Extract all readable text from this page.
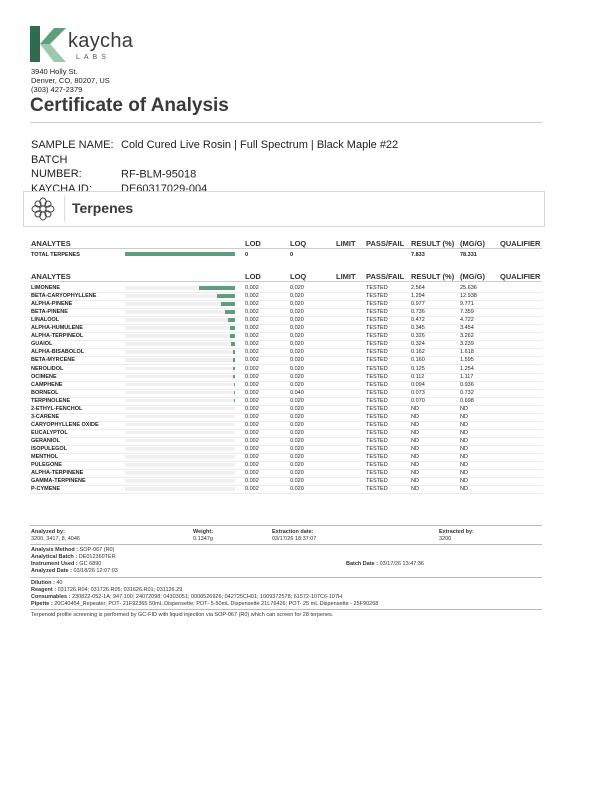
kaycha
LABS
3940 Holly St.
Denver, CO, 80207, US
(303) 427-2379
Certificate of Analysis
SAMPLE NAME: Cold Cured Live Rosin | Full Spectrum | Black Maple #22
BATCH NUMBER:	RF-BLM-95018
KAYCHA ID:	DE60317029-004
Terpenes
ANALYTES	LOD	LOQ	LIMIT PASS/FAIL RESULT (%) (MG/G) QUALIFIER
TOTAL TERPENES	0	0	7.833	78.331
ANALYTES	LOD	LOQ	LIMIT PASS/FAIL RESULT (%) (MG/G) QUALIFIER
LIMONENE	0.002	0.020	TESTED	2.564	25.636
BETA-CARYOPHYLLENE	0.002	0.020	TESTED	1.294	12.938
ALPHA-PINENE	0.002	0.020	TESTED	0.977	9.771
BETA-PINENE	0.002	0.020	TESTED	0.736	7.359
LINALOOL	0.002	0.020	TESTED	0.472	4.722
ALPHA-HUMULENE	0.002	0.020	TESTED	0.345	3.454
ALPHA-TERPINEOL	0.002	0.020	TESTED	0.326	3.262
GUAIOL	0.002	0.020	TESTED	0.324	3.239
ALPHA-BISABOLOL	0.002	0.020	TESTED	0.162	1.618
BETA-MYRCENE	0.002	0.020	TESTED	0.160	1.595
NEROLIDOL	0.002	0.020	TESTED	0.125	1.254
OCIMENE	0.002	0.020	TESTED	0.112	1.117
CAMPHENE	0.002	0.020	TESTED	0.094	0.936
BORNEOL	0.002	0.040	TESTED	0.073	0.732
TERPINOLENE	0.002	0.020	TESTED	0.070	0.698
2-ETHYL-FENCHOL	0.002	0.020	TESTED	ND	ND
3-CARENE	0.002	0.020	TESTED	ND	ND
CARYOPHYLLENE OXIDE	0.002	0.020	TESTED	ND	ND
EUCALYPTOL	0.002	0.020	TESTED	ND	ND
GERANIOL	0.002	0.020	TESTED	ND	ND
ISOPULEGOL	0.002	0.020	TESTED	ND	ND
MENTHOL	0.002	0.020	TESTED	ND	ND
PULEGONE	0.002	0.020	TESTED	ND	ND
ALPHA-TERPINENE	0.002	0.020	TESTED	ND	ND
GAMMA-TERPINENE	0.002	0.020	TESTED	ND	ND
P-CYMENE	0.002	0.020	TESTED	ND	ND
Analyzed by:
3200, 3417, 8, 4046
Weight:
0.1347g
Extraction date:
03/17/26 18:37:07
Extracted by:
3200
Analysis Method : SOP-067 (R0)
Analytical Batch : DE012360TER
Instrument Used : GC 6890	Batch Date : 03/17/26 13:47:36
Analyzed Date : 03/18/26 12:07:03
Dilution : 40
Reagent : 031726.R04; 031726.R05; 031626.R01; 031126.29
Consumables : 230822-052-1A; 947.100; 24072098; 04303051; 0000526926; 042725CH01; 1009372578; 61572-107C6-107H
Pipette : 20C40454_Repeater; POT- 21F92365 50mL Dispensette; POT- 5-50mL Dispensette 21L76426; POT- 25 mL Dispensette - 25F90268
Terpenoid profile screening is performed by GC-FID with liquid injection via SOP-067 (R0) which can screen for 28 terpenes.
